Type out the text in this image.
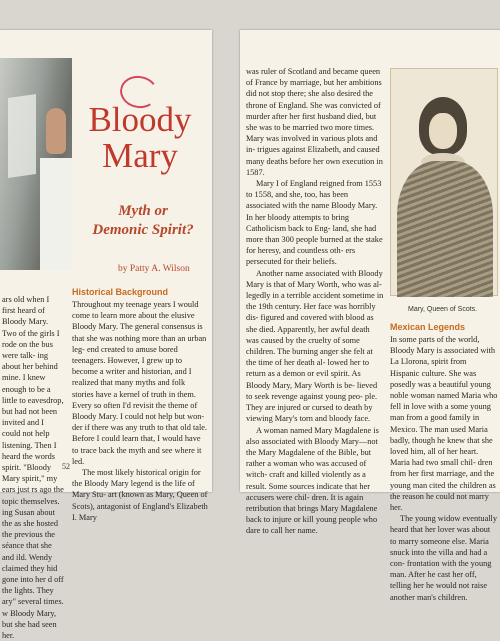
Bloody
Mary
Myth or
Demonic Spirit?
by Patty A. Wilson

ars old when I first heard of Bloody Mary. Two of the girls I rode on the bus were talk- ing about her behind mine. I knew enough to be a little to eavesdrop, but had not been invited and I could not help listening. Then I heard the words spirit. "Bloody Mary spirit," my ears just rs ago the topic themselves. ing Susan about the as she hosted the previous the séance that she and ild. Wendy claimed they hid gone into her d off the lights. They ary" several times. w Bloody Mary, but she had seen her.

Historical Background

Throughout my teenage years I would come to learn more about the elusive Bloody Mary. The general consensus is that she was nothing more than an urban leg- end created to amuse bored teenagers. However, I grew up to become a writer and historian, and I realized that many myths and folk stories have a kernel of truth in them. Every so often I'd revisit the theme of Bloody Mary. I could not help but won- der if there was any truth to that old tale. Before I could learn that, I would have to trace back the myth and see where it led.

The most likely historical origin for the Bloody Mary legend is the life of Mary Stu- art (known as Mary, Queen of Scots), antagonist of England's Elizabeth I. Mary

52

was ruler of Scotland and became queen of France by marriage, but her ambitions did not stop there; she also desired the throne of England. She was convicted of murder after her first husband died, but she was to be married two more times. Mary was involved in various plots and in- trigues against Elizabeth, and caused many deaths before her own execution in 1587.

Mary I of England reigned from 1553 to 1558, and she, too, has been associated with the name Bloody Mary. In her bloody attempts to bring Catholicism back to Eng- land, she had more than 300 people burned at the stake for heresy, and countless oth- ers persecuted for their beliefs.

Another name associated with Bloody Mary is that of Mary Worth, who was al- legedly in a terrible accident sometime in the 19th century. Her face was horribly dis- figured and covered with blood as she died. Apparently, her awful death was caused by the cruelty of some children. The burning anger she felt at the time of her death al- lowed her to return as a demon or evil spirit. As Bloody Mary, Mary Worth is be- lieved to seek revenge against young peo- ple. They are injured or cursed to death by viewing Mary's torn and bloody face.

A woman named Mary Magdalene is also associated with Bloody Mary—not the Mary Magdalene of the Bible, but rather a woman who was accused of witch- craft and killed violently as a result. Some sources indicate that her accusers were chil- dren. It is again retribution that brings Mary Magdalene back to injure or kill young people who dare to call her name.

Mary, Queen of Scots.
Mexican Legends

In some parts of the world, Bloody Mary is associated with La Llorona, spirit from Hispanic culture. She was posedly was a beautiful young noble woman named Maria who fell in love with a some young man from a good family in Mexico. The man used Maria badly, though he knew that she loved him, all of her heart. Maria had two small chil- dren from her first marriage, and the young man cited the children as the reason he could not marry her.

The young widow eventually heard that her lover was about to marry someone else. Maria snuck into the villa and had a con- frontation with the young man. After he cast her off, telling her he would not raise another man's children.
